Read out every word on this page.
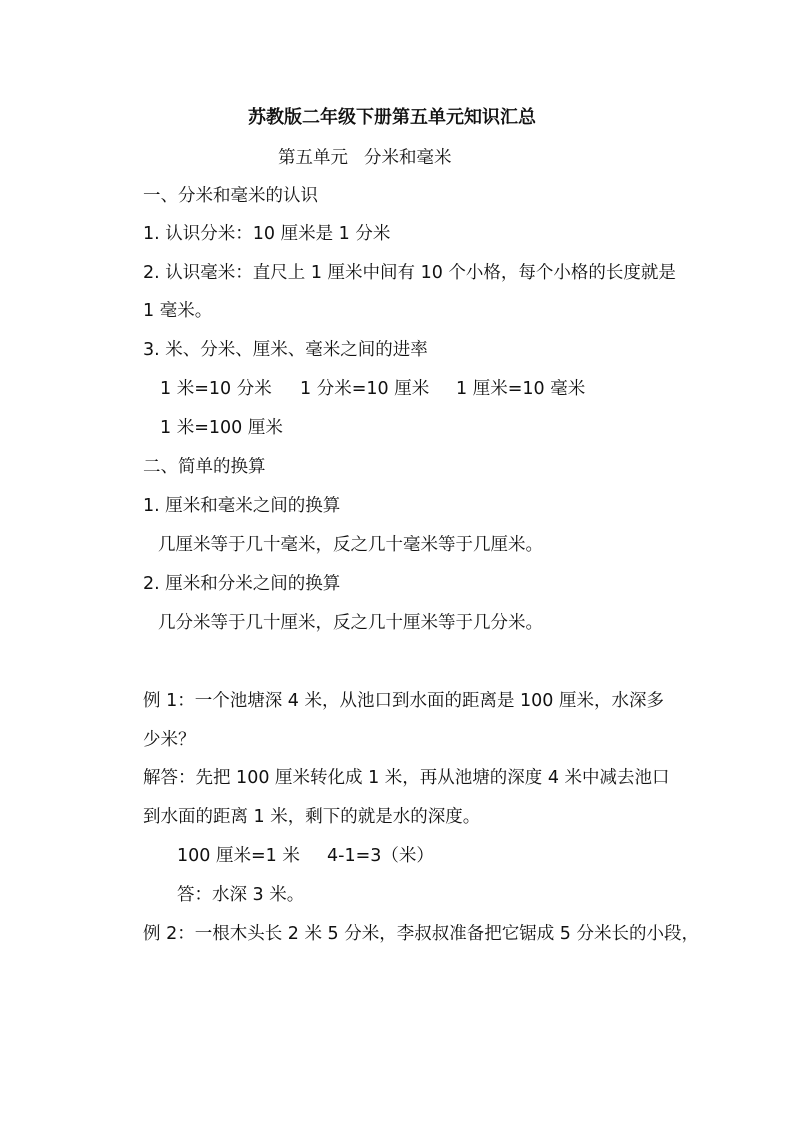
苏教版二年级下册第五单元知识汇总
第五单元 分米和毫米
一、分米和毫米的认识
1. 认识分米：10 厘米是 1 分米
2. 认识毫米：直尺上 1 厘米中间有 10 个小格，每个小格的长度就是
1 毫米。
3. 米、分米、厘米、毫米之间的进率
1 米=10 分米 1 分米=10 厘米 1 厘米=10 毫米
1 米=100 厘米
二、简单的换算
1. 厘米和毫米之间的换算
几厘米等于几十毫米，反之几十毫米等于几厘米。
2. 厘米和分米之间的换算
几分米等于几十厘米，反之几十厘米等于几分米。
例 1：一个池塘深 4 米，从池口到水面的距离是 100 厘米，水深多
少米？
解答：先把 100 厘米转化成 1 米，再从池塘的深度 4 米中减去池口
到水面的距离 1 米，剩下的就是水的深度。
100 厘米=1 米 4-1=3（米）
答：水深 3 米。
例 2：一根木头长 2 米 5 分米，李叔叔准备把它锯成 5 分米长的小段，
